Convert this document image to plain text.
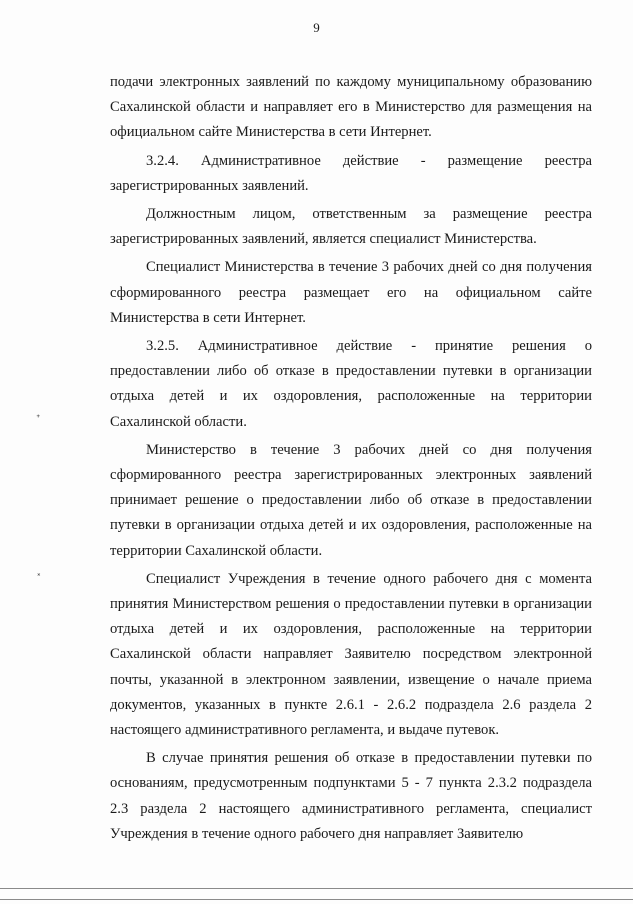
9

подачи электронных заявлений по каждому муниципальному образованию Сахалинской области и направляет его в Министерство для размещения на официальном сайте Министерства в сети Интернет.

3.2.4. Административное действие - размещение реестра зарегистрированных заявлений.

Должностным лицом, ответственным за размещение реестра зарегистрированных заявлений, является специалист Министерства.

Специалист Министерства в течение 3 рабочих дней со дня получения сформированного реестра размещает его на официальном сайте Министерства в сети Интернет.

3.2.5. Административное действие - принятие решения о предоставлении либо об отказе в предоставлении путевки в организации отдыха детей и их оздоровления, расположенные на территории Сахалинской области.

Министерство в течение 3 рабочих дней со дня получения сформированного реестра зарегистрированных электронных заявлений принимает решение о предоставлении либо об отказе в предоставлении путевки в организации отдыха детей и их оздоровления, расположенные на территории Сахалинской области.

Специалист Учреждения в течение одного рабочего дня с момента принятия Министерством решения о предоставлении путевки в организации отдыха детей и их оздоровления, расположенные на территории Сахалинской области направляет Заявителю посредством электронной почты, указанной в электронном заявлении, извещение о начале приема документов, указанных в пункте 2.6.1 - 2.6.2 подраздела 2.6 раздела 2 настоящего административного регламента, и выдаче путевок.

В случае принятия решения об отказе в предоставлении путевки по основаниям, предусмотренным подпунктами 5 - 7 пункта 2.3.2 подраздела 2.3 раздела 2 настоящего административного регламента, специалист Учреждения в течение одного рабочего дня направляет Заявителю

ᐩ
˟
